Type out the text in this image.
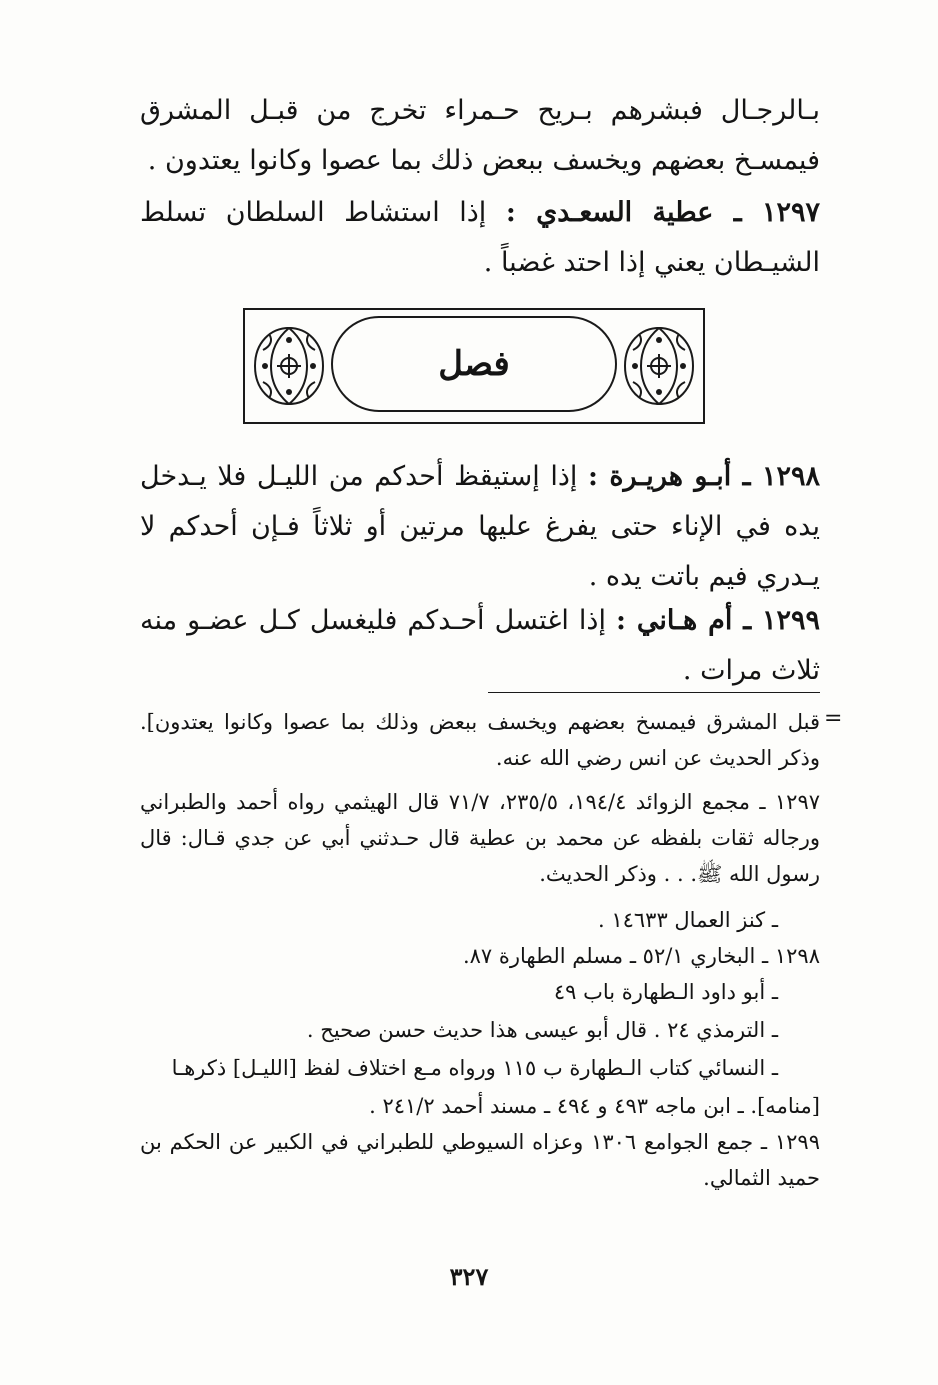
بـالرجـال فبشرهم بـريح حـمراء تخرج من قبـل المشرق فيمسـخ بعضهم ويخسف ببعض ذلك بما عصوا وكانوا يعتدون .
١٢٩٧ ـ عطية السعـدي : إذا استشاط السلطان تسلط الشيـطان يعني إذا احتد غضباً .
فصل
١٢٩٨ ـ أبـو هريـرة : إذا إستيقظ أحدكم من الليـل فلا يـدخل يده في الإناء حتى يفرغ عليها مرتين أو ثلاثاً فـإن أحدكم لا يـدري فيم باتت يده .
١٢٩٩ ـ أم هـاني : إذا اغتسل أحـدكم فليغسل كـل عضـو منه ثلاث مرات .
=
قبل المشرق فيمسخ بعضهم ويخسف ببعض وذلك بما عصوا وكانوا يعتدون]. وذكر الحديث عن انس رضي الله عنه.
١٢٩٧ ـ مجمع الزوائد ١٩٤/٤، ٢٣٥/٥، ٧١/٧ قال الهيثمي رواه أحمد والطبراني ورجاله ثقات بلفظه عن محمد بن عطية قال حـدثني أبي عن جدي قـال: قال رسول الله ﷺ. . . وذكر الحديث.
ـ كنز العمال ١٤٦٣٣ .
١٢٩٨ ـ البخاري ٥٢/١ ـ مسلم الطهارة ٨٧.
ـ أبو داود الـطهارة باب ٤٩
ـ الترمذي ٢٤ . قال أبو عيسى هذا حديث حسن صحيح .
ـ النسائي كتاب الـطهارة ب ١١٥ ورواه مـع اختلاف لفظ [الليـل] ذكرهـا
[منامه]. ـ ابن ماجه ٤٩٣ و ٤٩٤ ـ مسند أحمد ٢٤١/٢ .
١٢٩٩ ـ جمع الجوامع ١٣٠٦ وعزاه السيوطي للطبراني في الكبير عن الحكم بن حميد الثمالي.
٣٢٧
